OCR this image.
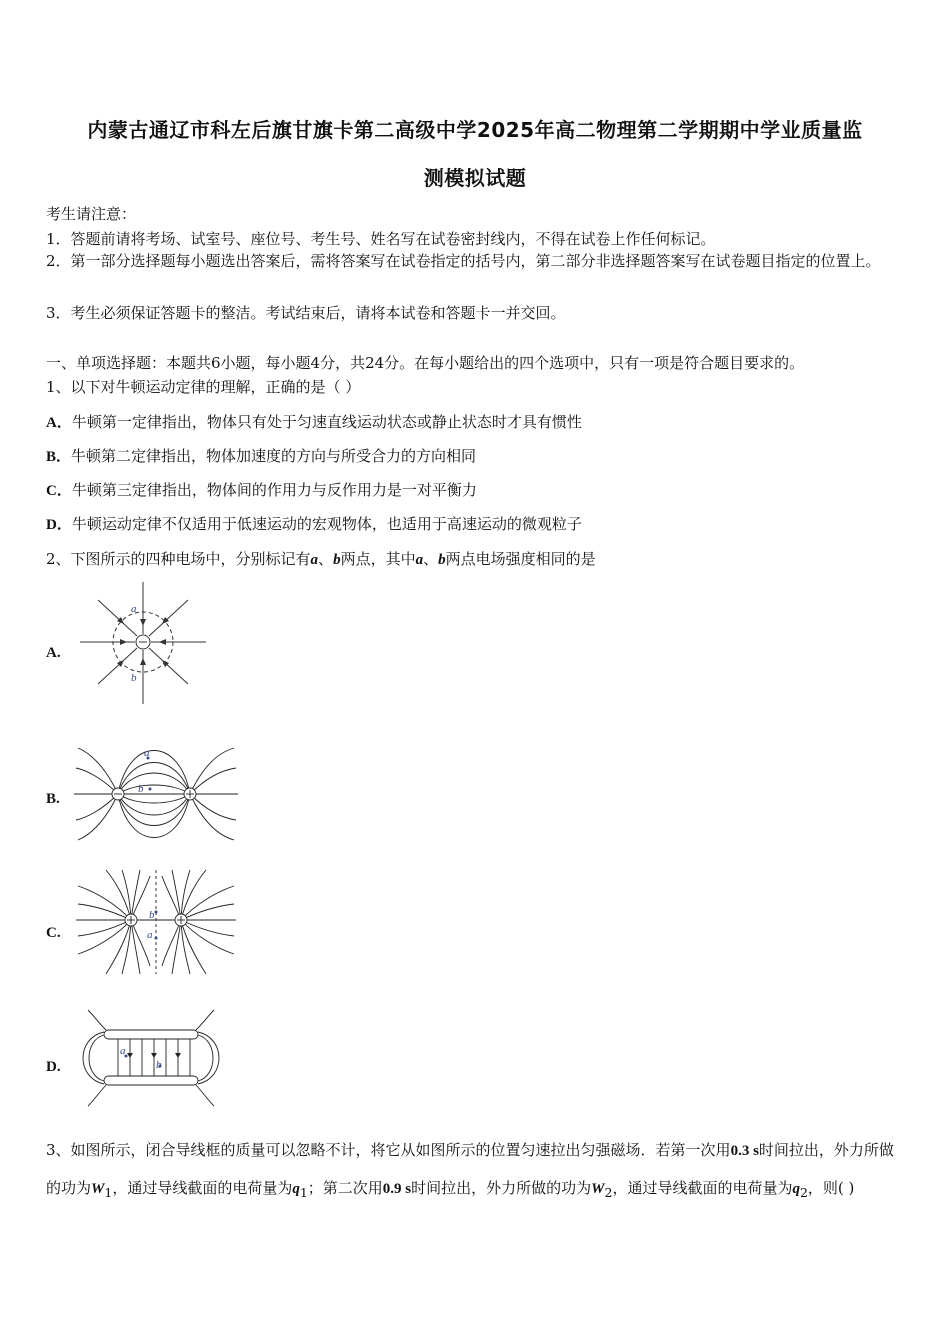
内蒙古通辽市科左后旗甘旗卡第二高级中学2025年高二物理第二学期期中学业质量监
测模拟试题
考生请注意：
1．答题前请将考场、试室号、座位号、考生号、姓名写在试卷密封线内，不得在试卷上作任何标记。
2．第一部分选择题每小题选出答案后，需将答案写在试卷指定的括号内，第二部分非选择题答案写在试卷题目指定的位置上。
3．考生必须保证答题卡的整洁。考试结束后，请将本试卷和答题卡一并交回。
一、单项选择题：本题共6小题，每小题4分，共24分。在每小题给出的四个选项中，只有一项是符合题目要求的。
1、以下对牛顿运动定律的理解，正确的是（ ）
A．牛顿第一定律指出，物体只有处于匀速直线运动状态或静止状态时才具有惯性
B．牛顿第二定律指出，物体加速度的方向与所受合力的方向相同
C．牛顿第三定律指出，物体间的作用力与反作用力是一对平衡力
D．牛顿运动定律不仅适用于低速运动的宏观物体，也适用于高速运动的微观粒子
2、下图所示的四种电场中，分别标记有a、b两点，其中a、b两点电场强度相同的是
A.
a
b
B.
a
b
C.
b
a
D.
a
b
3、如图所示，闭合导线框的质量可以忽略不计，将它从如图所示的位置匀速拉出匀强磁场．若第一次用0.3 s时间拉出，外力所做的功为$W_1$，通过导线截面的电荷量为$q_1$；第二次用0.9 s时间拉出，外力所做的功为$W_2$，通过导线截面的电荷量为$q_2$，则( )
